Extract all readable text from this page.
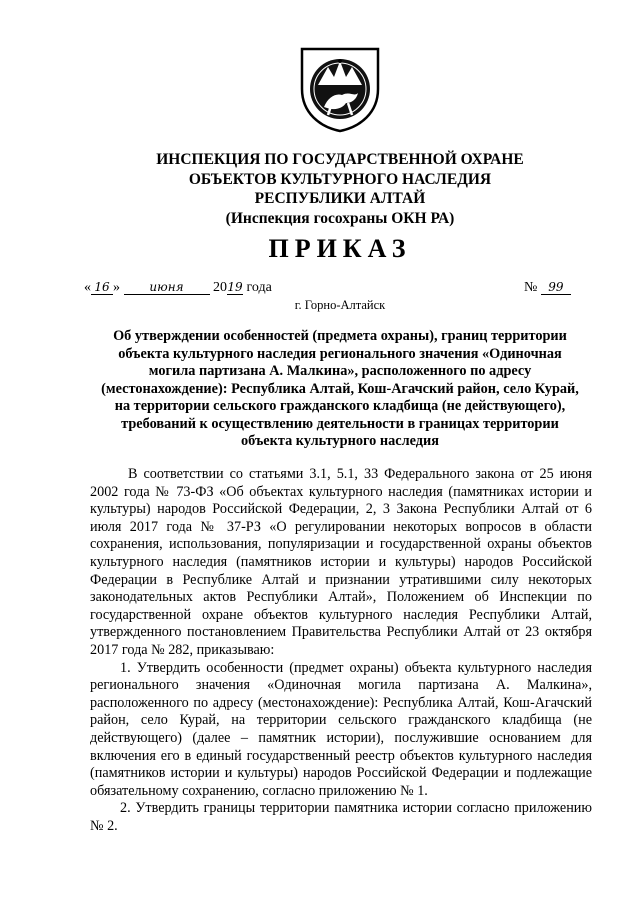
ИНСПЕКЦИЯ ПО ГОСУДАРСТВЕННОЙ ОХРАНЕ
ОБЪЕКТОВ КУЛЬТУРНОГО НАСЛЕДИЯ
РЕСПУБЛИКИ АЛТАЙ
(Инспекция госохраны ОКН РА)
ПРИКАЗ
« 16 » июня 2019 года	№ 99
г. Горно-Алтайск
Об утверждении особенностей (предмета охраны), границ территории объекта культурного наследия регионального значения «Одиночная могила партизана А. Малкина», расположенного по адресу (местонахождение): Республика Алтай, Кош-Агачский район, село Курай, на территории сельского гражданского кладбища (не действующего), требований к осуществлению деятельности в границах территории объекта культурного наследия

В соответствии со статьями 3.1, 5.1, 33 Федерального закона от 25 июня 2002 года № 73-ФЗ «Об объектах культурного наследия (памятниках истории и культуры) народов Российской Федерации, 2, 3 Закона Республики Алтай от 6 июля 2017 года № 37-РЗ «О регулировании некоторых вопросов в области сохранения, использования, популяризации и государственной охраны объектов культурного наследия (памятников истории и культуры) народов Российской Федерации в Республике Алтай и признании утратившими силу некоторых законодательных актов Республики Алтай», Положением об Инспекции по государственной охране объектов культурного наследия Республики Алтай, утвержденного постановлением Правительства Республики Алтай от 23 октября 2017 года № 282, приказываю:

1. Утвердить особенности (предмет охраны) объекта культурного наследия регионального значения «Одиночная могила партизана А. Малкина», расположенного по адресу (местонахождение): Республика Алтай, Кош-Агачский район, село Курай, на территории сельского гражданского кладбища (не действующего) (далее – памятник истории), послужившие основанием для включения его в единый государственный реестр объектов культурного наследия (памятников истории и культуры) народов Российской Федерации и подлежащие обязательному сохранению, согласно приложению № 1.

2. Утвердить границы территории памятника истории согласно приложению № 2.
